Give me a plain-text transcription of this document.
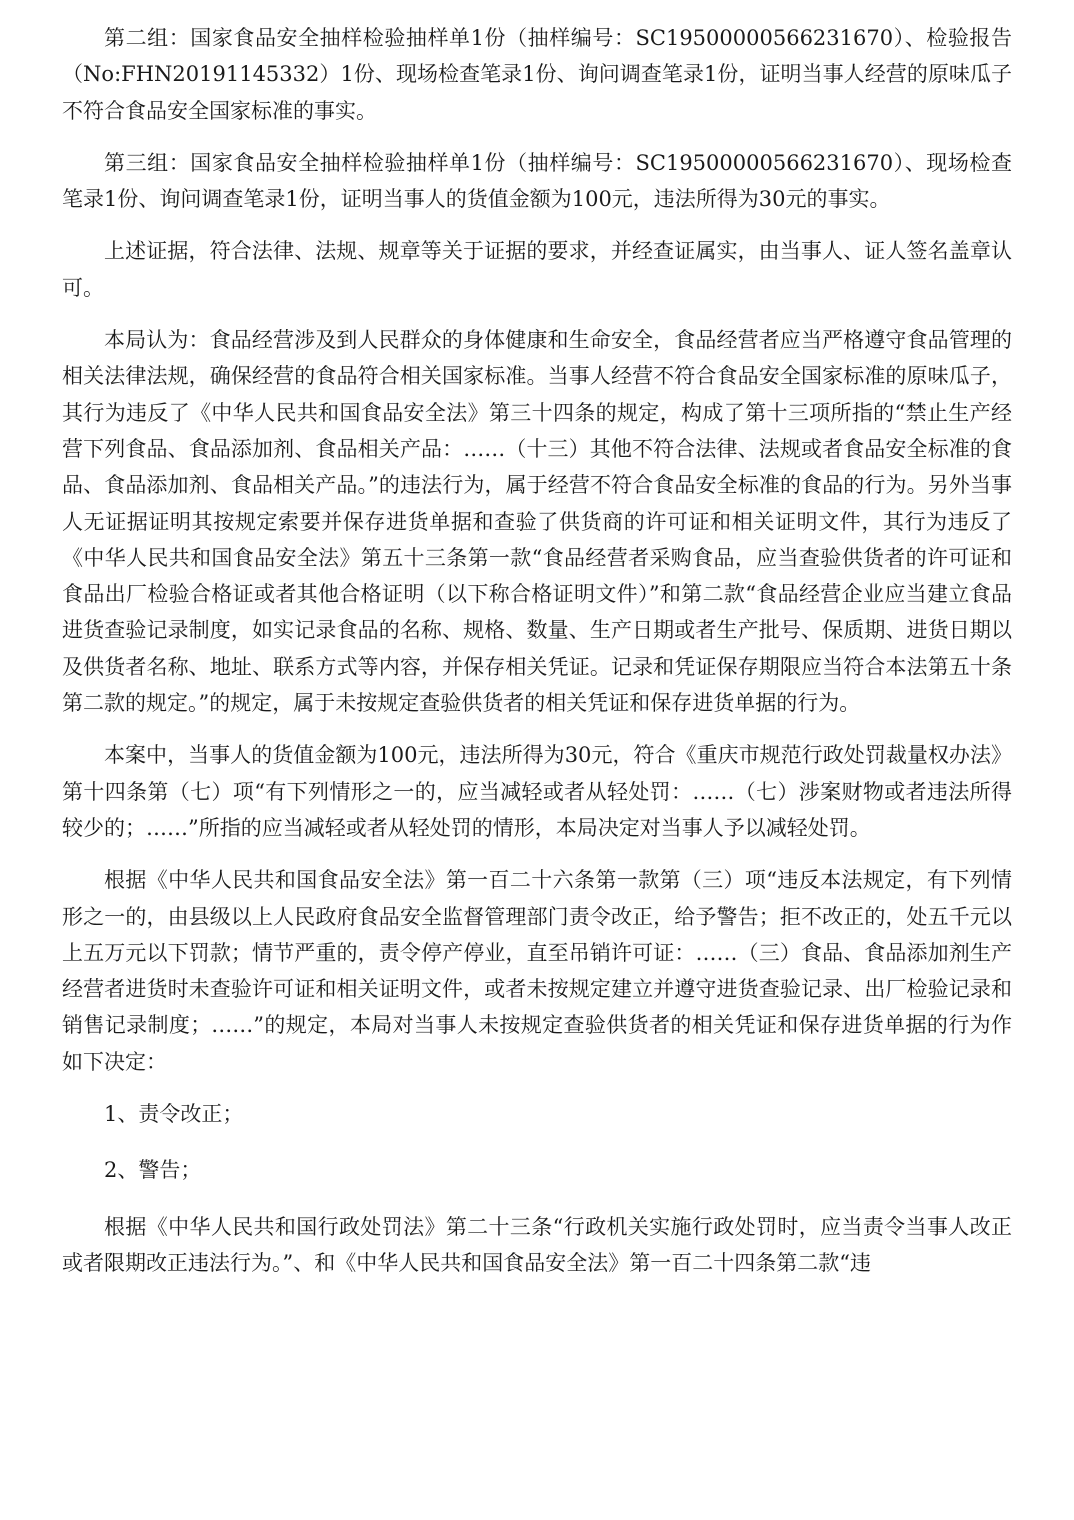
第二组：国家食品安全抽样检验抽样单1份（抽样编号：SC19500000566231670）、检验报告（No:FHN20191145332）1份、现场检查笔录1份、询问调查笔录1份，证明当事人经营的原味瓜子不符合食品安全国家标准的事实。

第三组：国家食品安全抽样检验抽样单1份（抽样编号：SC19500000566231670）、现场检查笔录1份、询问调查笔录1份，证明当事人的货值金额为100元，违法所得为30元的事实。

上述证据，符合法律、法规、规章等关于证据的要求，并经查证属实，由当事人、证人签名盖章认可。

本局认为：食品经营涉及到人民群众的身体健康和生命安全，食品经营者应当严格遵守食品管理的相关法律法规，确保经营的食品符合相关国家标准。当事人经营不符合食品安全国家标准的原味瓜子，其行为违反了《中华人民共和国食品安全法》第三十四条的规定，构成了第十三项所指的“禁止生产经营下列食品、食品添加剂、食品相关产品：……（十三）其他不符合法律、法规或者食品安全标准的食品、食品添加剂、食品相关产品。”的违法行为，属于经营不符合食品安全标准的食品的行为。另外当事人无证据证明其按规定索要并保存进货单据和查验了供货商的许可证和相关证明文件，其行为违反了《中华人民共和国食品安全法》第五十三条第一款“食品经营者采购食品，应当查验供货者的许可证和食品出厂检验合格证或者其他合格证明（以下称合格证明文件）”和第二款“食品经营企业应当建立食品进货查验记录制度，如实记录食品的名称、规格、数量、生产日期或者生产批号、保质期、进货日期以及供货者名称、地址、联系方式等内容，并保存相关凭证。记录和凭证保存期限应当符合本法第五十条第二款的规定。”的规定，属于未按规定查验供货者的相关凭证和保存进货单据的行为。

本案中，当事人的货值金额为100元，违法所得为30元，符合《重庆市规范行政处罚裁量权办法》第十四条第（七）项“有下列情形之一的，应当减轻或者从轻处罚：……（七）涉案财物或者违法所得较少的；……”所指的应当减轻或者从轻处罚的情形，本局决定对当事人予以减轻处罚。

根据《中华人民共和国食品安全法》第一百二十六条第一款第（三）项“违反本法规定，有下列情形之一的，由县级以上人民政府食品安全监督管理部门责令改正，给予警告；拒不改正的，处五千元以上五万元以下罚款；情节严重的，责令停产停业，直至吊销许可证：……（三）食品、食品添加剂生产经营者进货时未查验许可证和相关证明文件，或者未按规定建立并遵守进货查验记录、出厂检验记录和销售记录制度；……”的规定，本局对当事人未按规定查验供货者的相关凭证和保存进货单据的行为作如下决定：

1、责令改正；

2、警告；

根据《中华人民共和国行政处罚法》第二十三条“行政机关实施行政处罚时，应当责令当事人改正或者限期改正违法行为。”、和《中华人民共和国食品安全法》第一百二十四条第二款“违
